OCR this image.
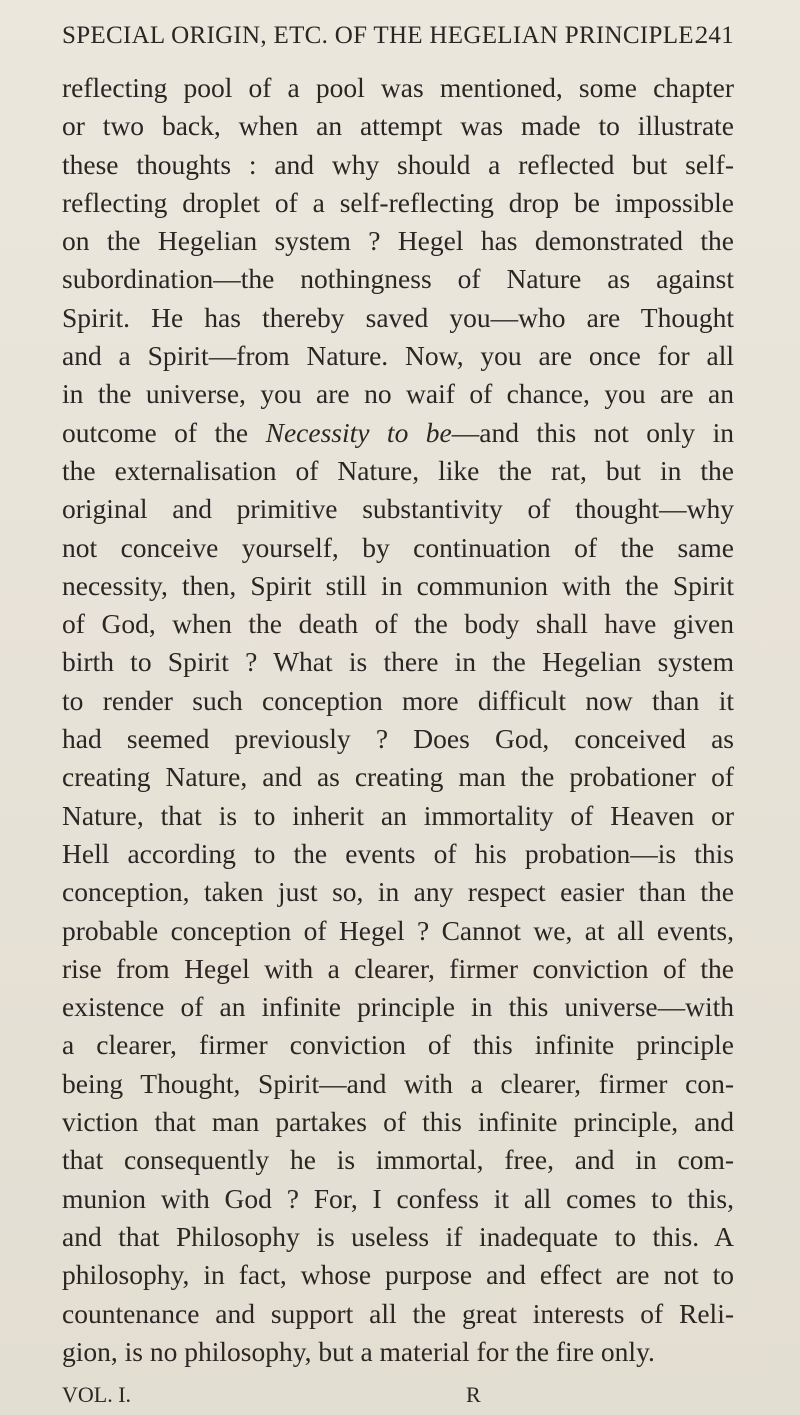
SPECIAL ORIGIN, ETC. OF THE HEGELIAN PRINCIPLE.
241
reflecting pool of a pool was mentioned, some chapter
or two back, when an attempt was made to illustrate
these thoughts : and why should a reflected but self-
reflecting droplet of a self-reflecting drop be impossible
on the Hegelian system ? Hegel has demonstrated the
subordination—the nothingness of Nature as against
Spirit. He has thereby saved you—who are Thought
and a Spirit—from Nature. Now, you are once for all
in the universe, you are no waif of chance, you are an
outcome of the Necessity to be—and this not only in
the externalisation of Nature, like the rat, but in the
original and primitive substantivity of thought—why
not conceive yourself, by continuation of the same
necessity, then, Spirit still in communion with the Spirit
of God, when the death of the body shall have given
birth to Spirit ? What is there in the Hegelian system
to render such conception more difficult now than it
had seemed previously ? Does God, conceived as
creating Nature, and as creating man the probationer of
Nature, that is to inherit an immortality of Heaven or
Hell according to the events of his probation—is this
conception, taken just so, in any respect easier than the
probable conception of Hegel ? Cannot we, at all events,
rise from Hegel with a clearer, firmer conviction of the
existence of an infinite principle in this universe—with
a clearer, firmer conviction of this infinite principle
being Thought, Spirit—and with a clearer, firmer con-
viction that man partakes of this infinite principle, and
that consequently he is immortal, free, and in com-
munion with God ? For, I confess it all comes to this,
and that Philosophy is useless if inadequate to this. A
philosophy, in fact, whose purpose and effect are not to
countenance and support all the great interests of Reli-
gion, is no philosophy, but a material for the fire only.
VOL. I.	R
